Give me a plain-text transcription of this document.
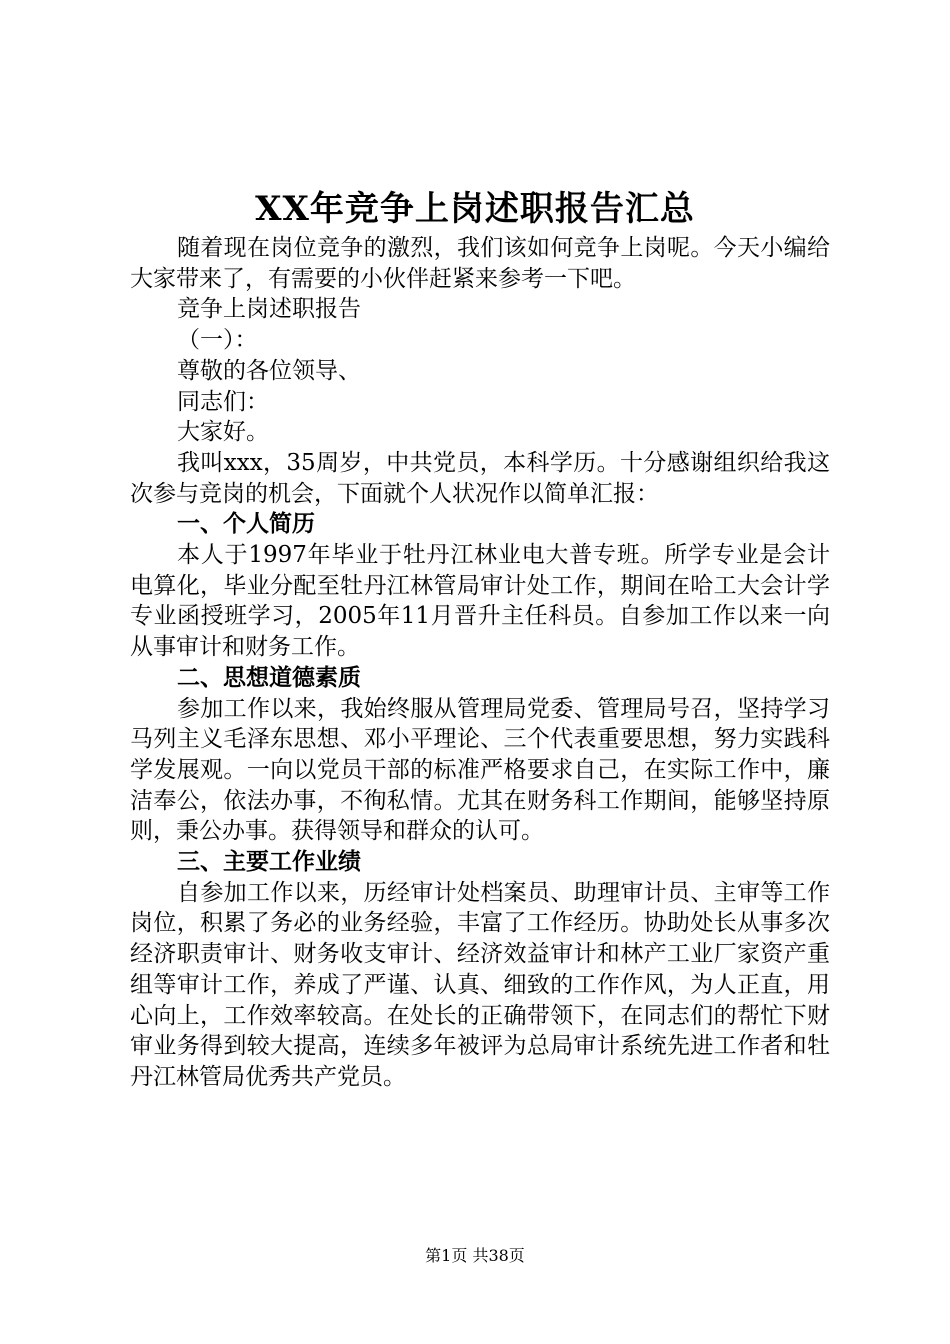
XX年竞争上岗述职报告汇总

随着现在岗位竞争的激烈，我们该如何竞争上岗呢。今天小编给大家带来了，有需要的小伙伴赶紧来参考一下吧。

竞争上岗述职报告

（一）：

尊敬的各位领导、

同志们：

大家好。

我叫xxx，35周岁，中共党员，本科学历。十分感谢组织给我这次参与竞岗的机会，下面就个人状况作以简单汇报：

一、个人简历

本人于1997年毕业于牡丹江林业电大普专班。所学专业是会计电算化，毕业分配至牡丹江林管局审计处工作，期间在哈工大会计学专业函授班学习，2005年11月晋升主任科员。自参加工作以来一向从事审计和财务工作。

二、思想道德素质

参加工作以来，我始终服从管理局党委、管理局号召，坚持学习马列主义毛泽东思想、邓小平理论、三个代表重要思想，努力实践科学发展观。一向以党员干部的标准严格要求自己，在实际工作中，廉洁奉公，依法办事，不徇私情。尤其在财务科工作期间，能够坚持原则，秉公办事。获得领导和群众的认可。

三、主要工作业绩

自参加工作以来，历经审计处档案员、助理审计员、主审等工作岗位，积累了务必的业务经验，丰富了工作经历。协助处长从事多次经济职责审计、财务收支审计、经济效益审计和林产工业厂家资产重组等审计工作，养成了严谨、认真、细致的工作作风，为人正直，用心向上，工作效率较高。在处长的正确带领下，在同志们的帮忙下财审业务得到较大提高，连续多年被评为总局审计系统先进工作者和牡丹江林管局优秀共产党员。

第1页 共38页
